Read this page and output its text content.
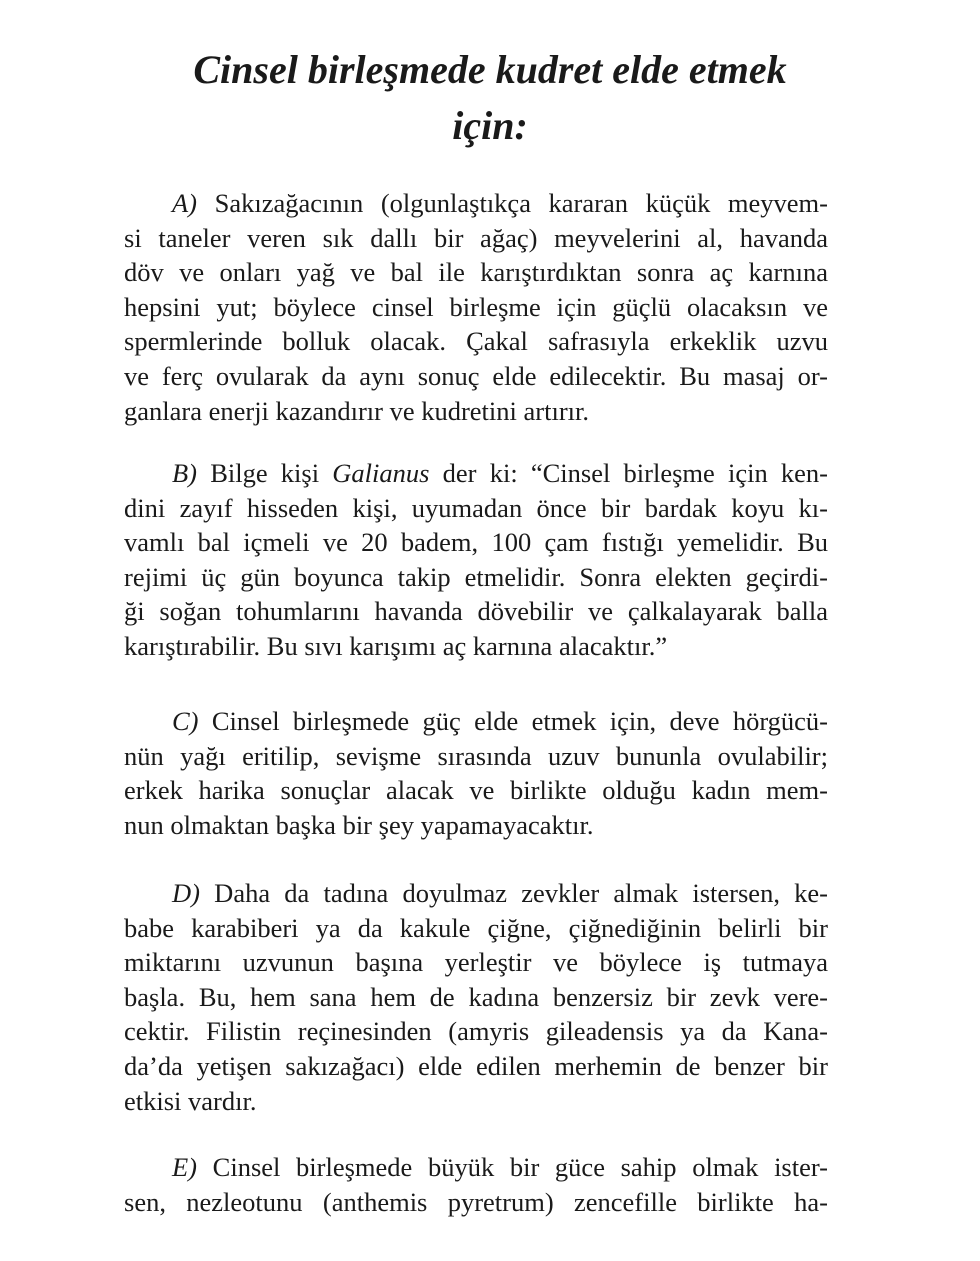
Cinsel birleşmede kudret elde etmek
için:
A) Sakızağacının (olgunlaştıkça kararan küçük meyvem-
si taneler veren sık dallı bir ağaç) meyvelerini al, havanda
döv ve onları yağ ve bal ile karıştırdıktan sonra aç karnına
hepsini yut; böylece cinsel birleşme için güçlü olacaksın ve
spermlerinde bolluk olacak. Çakal safrasıyla erkeklik uzvu
ve ferç ovularak da aynı sonuç elde edilecektir. Bu masaj or-
ganlara enerji kazandırır ve kudretini artırır.
B) Bilge kişi Galianus der ki: “Cinsel birleşme için ken-
dini zayıf hisseden kişi, uyumadan önce bir bardak koyu kı-
vamlı bal içmeli ve 20 badem, 100 çam fıstığı yemelidir. Bu
rejimi üç gün boyunca takip etmelidir. Sonra elekten geçirdi-
ği soğan tohumlarını havanda dövebilir ve çalkalayarak balla
karıştırabilir. Bu sıvı karışımı aç karnına alacaktır.”
C) Cinsel birleşmede güç elde etmek için, deve hörgücü-
nün yağı eritilip, sevişme sırasında uzuv bununla ovulabilir;
erkek harika sonuçlar alacak ve birlikte olduğu kadın mem-
nun olmaktan başka bir şey yapamayacaktır.
D) Daha da tadına doyulmaz zevkler almak istersen, ke-
babe karabiberi ya da kakule çiğne, çiğnediğinin belirli bir
miktarını uzvunun başına yerleştir ve böylece iş tutmaya
başla. Bu, hem sana hem de kadına benzersiz bir zevk vere-
cektir. Filistin reçinesinden (amyris gileadensis ya da Kana-
da’da yetişen sakızağacı) elde edilen merhemin de benzer bir
etkisi vardır.
E) Cinsel birleşmede büyük bir güce sahip olmak ister-
sen, nezleotunu (anthemis pyretrum) zencefille birlikte ha-
